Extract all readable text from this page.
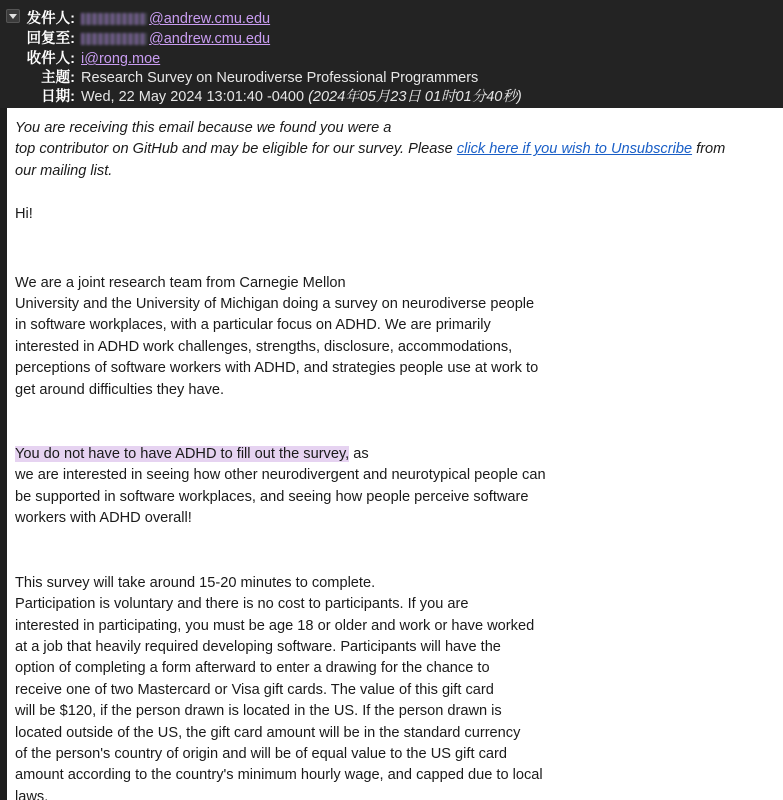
发件人:	@andrew.cmu.edu
回复至:	@andrew.cmu.edu
收件人: i@rong.moe
主题: Research Survey on Neurodiverse Professional Programmers
日期: Wed, 22 May 2024 13:01:40 -0400 (2024年05月23日 01时01分40秒)

You are receiving this email because we found you were a
top contributor on GitHub and may be eligible for our survey. Please click here if you wish to Unsubscribe from
our mailing list.

Hi!

We are a joint research team from Carnegie Mellon
University and the University of Michigan doing a survey on neurodiverse people
in software workplaces, with a particular focus on ADHD. We are primarily
interested in ADHD work challenges, strengths, disclosure, accommodations,
perceptions of software workers with ADHD, and strategies people use at work to
get around difficulties they have.

You do not have to have ADHD to fill out the survey, as
we are interested in seeing how other neurodivergent and neurotypical people can
be supported in software workplaces, and seeing how people perceive software
workers with ADHD overall!

This survey will take around 15-20 minutes to complete.
Participation is voluntary and there is no cost to participants. If you are
interested in participating, you must be age 18 or older and work or have worked
at a job that heavily required developing software. Participants will have the
option of completing a form afterward to enter a drawing for the chance to
receive one of two Mastercard or Visa gift cards. The value of this gift card
will be $120, if the person drawn is located in the US. If the person drawn is
located outside of the US, the gift card amount will be in the standard currency
of the person's country of origin and will be of equal value to the US gift card
amount according to the country's minimum hourly wage, and capped due to local
laws.
